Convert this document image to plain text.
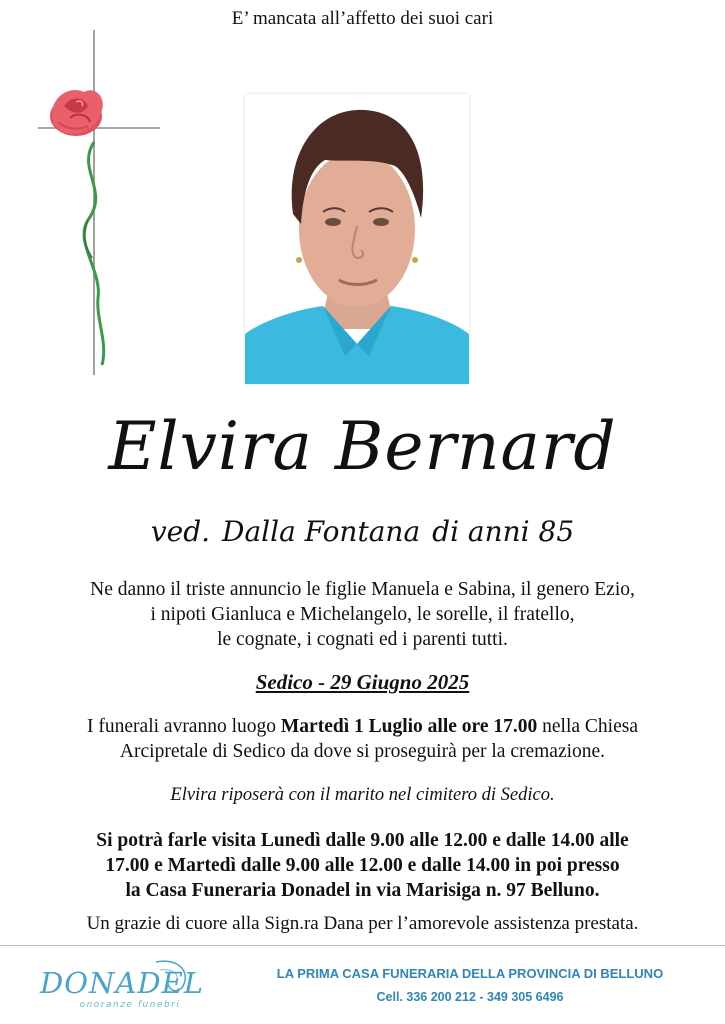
E’ mancata all’affetto dei suoi cari
Elvira Bernard
ved. Dalla Fontana di anni 85
Ne danno il triste annuncio le figlie Manuela e Sabina, il genero Ezio,
i nipoti Gianluca e Michelangelo, le sorelle, il fratello,
le cognate, i cognati ed i parenti tutti.
Sedico - 29 Giugno 2025
I funerali avranno luogo Martedì 1 Luglio alle ore 17.00 nella Chiesa
Arcipretale di Sedico da dove si proseguirà per la cremazione.
Elvira riposerà con il marito nel cimitero di Sedico.
Si potrà farle visita Lunedì dalle 9.00 alle 12.00 e dalle 14.00 alle
17.00 e Martedì dalle 9.00 alle 12.00 e dalle 14.00 in poi presso
la Casa Funeraria Donadel in via Marisiga n. 97 Belluno.
Un grazie di cuore alla Sign.ra Dana per l’amorevole assistenza prestata.
DONADEL
onoranze funebri
LA PRIMA CASA FUNERARIA DELLA PROVINCIA DI BELLUNO
Cell. 336 200 212 - 349 305 6496
